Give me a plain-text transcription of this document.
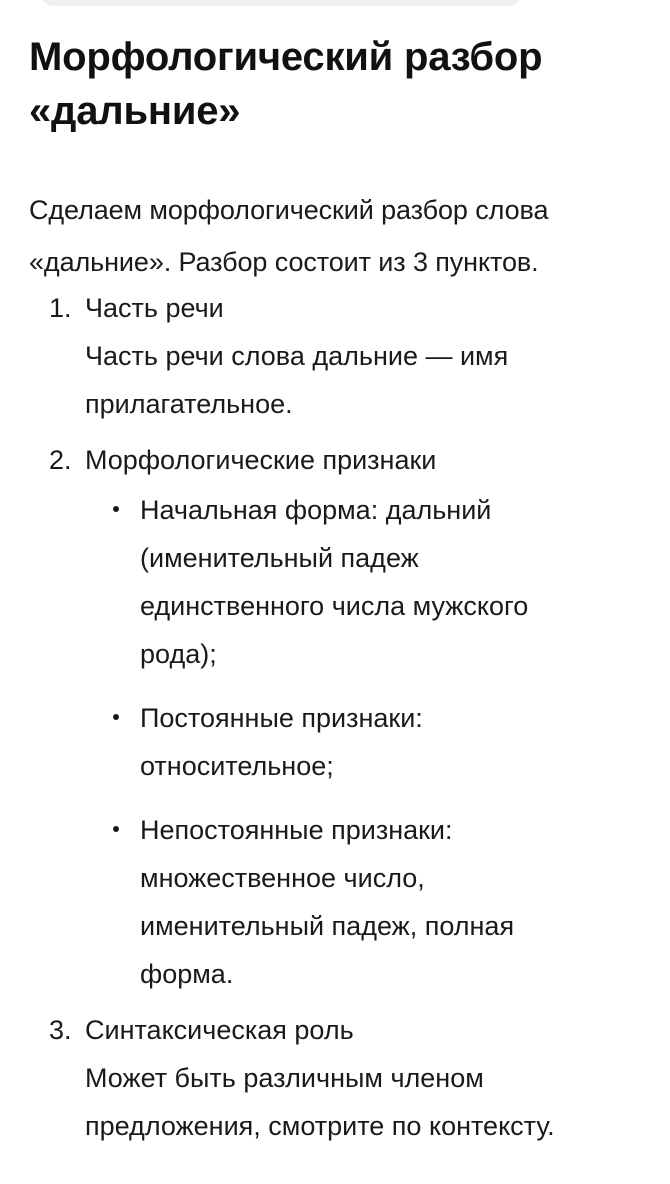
Морфологический разбор «дальние»

Сделаем морфологический разбор слова
«дальние». Разбор состоит из 3 пунктов.

1. Часть речи
Часть речи слова дальние — имя
прилагательное.
2. Морфологические признаки
Начальная форма: дальний
(именительный падеж
единственного числа мужского
рода);
Постоянные признаки:
относительное;
Непостоянные признаки:
множественное число,
именительный падеж, полная
форма.
3. Синтаксическая роль
Может быть различным членом
предложения, смотрите по контексту.
